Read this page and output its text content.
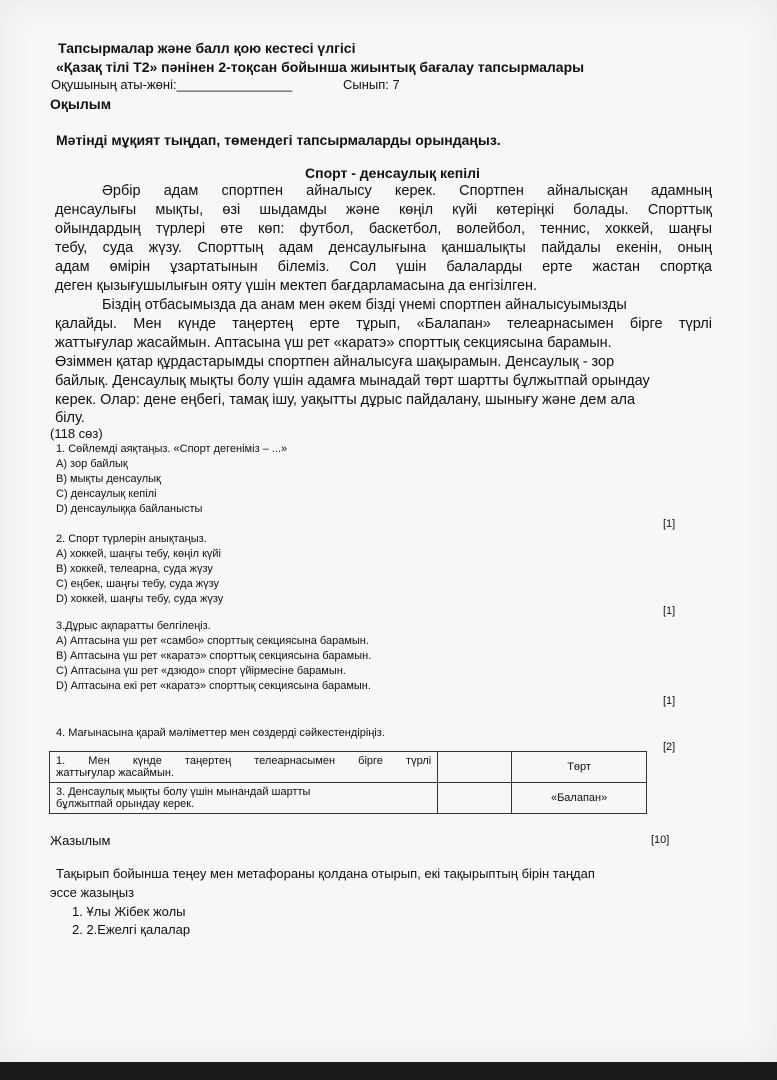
Тапсырмалар және балл қою кестесі үлгісі
«Қазақ тілі Т2» пәнінен 2-тоқсан бойынша жиынтық бағалау тапсырмалары
Оқушының аты-жөні:________________	Сынып: 7
Оқылым
Мәтінді мұқият тыңдап, төмендегі тапсырмаларды орындаңыз.
Спорт - денсаулық кепілі
Әрбір адам спортпен айналысу керек. Спортпен айналысқан адамның
денсаулығы мықты, өзі шыдамды және көңіл күйі көтеріңкі болады. Спорттық
ойындардың түрлері өте көп: футбол, баскетбол, волейбол, теннис, хоккей, шаңғы
тебу, суда жүзу. Спорттың адам денсаулығына қаншалықты пайдалы екенін, оның
адам өмірін ұзартатынын білеміз. Сол үшін балаларды ерте жастан спортқа
деген қызығушылығын ояту үшін мектеп бағдарламасына да енгізілген.
Біздің отбасымызда да анам мен әкем бізді үнемі спортпен айналысуымызды
қалайды. Мен күнде таңертең ерте тұрып, «Балапан» телеарнасымен бірге түрлі
жаттығулар жасаймын. Аптасына үш рет «каратэ» спорттық секциясына барамын.
Өзіммен қатар құрдастарымды спортпен айналысуға шақырамын. Денсаулық - зор
байлық. Денсаулық мықты болу үшін адамға мынадай төрт шартты бұлжытпай орындау
керек. Олар: дене еңбегі, тамақ ішу, уақытты дұрыс пайдалану, шынығу және дем ала
білу.
(118 сөз)
1. Сөйлемді аяқтаңыз. «Спорт дегеніміз – ...»
А) зор байлық
В) мықты денсаулық
С) денсаулық кепілі
D) денсаулыққа байланысты
[1]
2. Спорт түрлерін анықтаңыз.
А) хоккей, шаңғы тебу, көңіл күйі
В) хоккей, телеарна, суда жүзу
С) еңбек, шаңғы тебу, суда жүзу
D) хоккей, шаңғы тебу, суда жүзу
[1]
3.Дұрыс ақпаратты белгілеңіз.
А) Аптасына үш рет «самбо» спорттық секциясына барамын.
В) Аптасына үш рет «каратэ» спорттық секциясына барамын.
С) Аптасына үш рет «дзюдо» спорт үйірмесіне барамын.
D) Аптасына екі рет «каратэ» спорттық секциясына барамын.
[1]
4. Мағынасына қарай мәліметтер мен сөздерді сәйкестендіріңіз.
[2]
1. Мен күнде таңертең телеарнасымен бірге түрлі
жаттығулар жасаймын.		Төрт

3. Денсаулық мықты болу үшін мынандай шартты
бұлжытпай орындау керек.		«Балапан»
Жазылым	[10]
Тақырып бойынша теңеу мен метафораны қолдана отырып, екі тақырыптың бірін таңдап
эссе жазыңыз
1. Ұлы Жібек жолы
2. 2.Ежелгі қалалар
